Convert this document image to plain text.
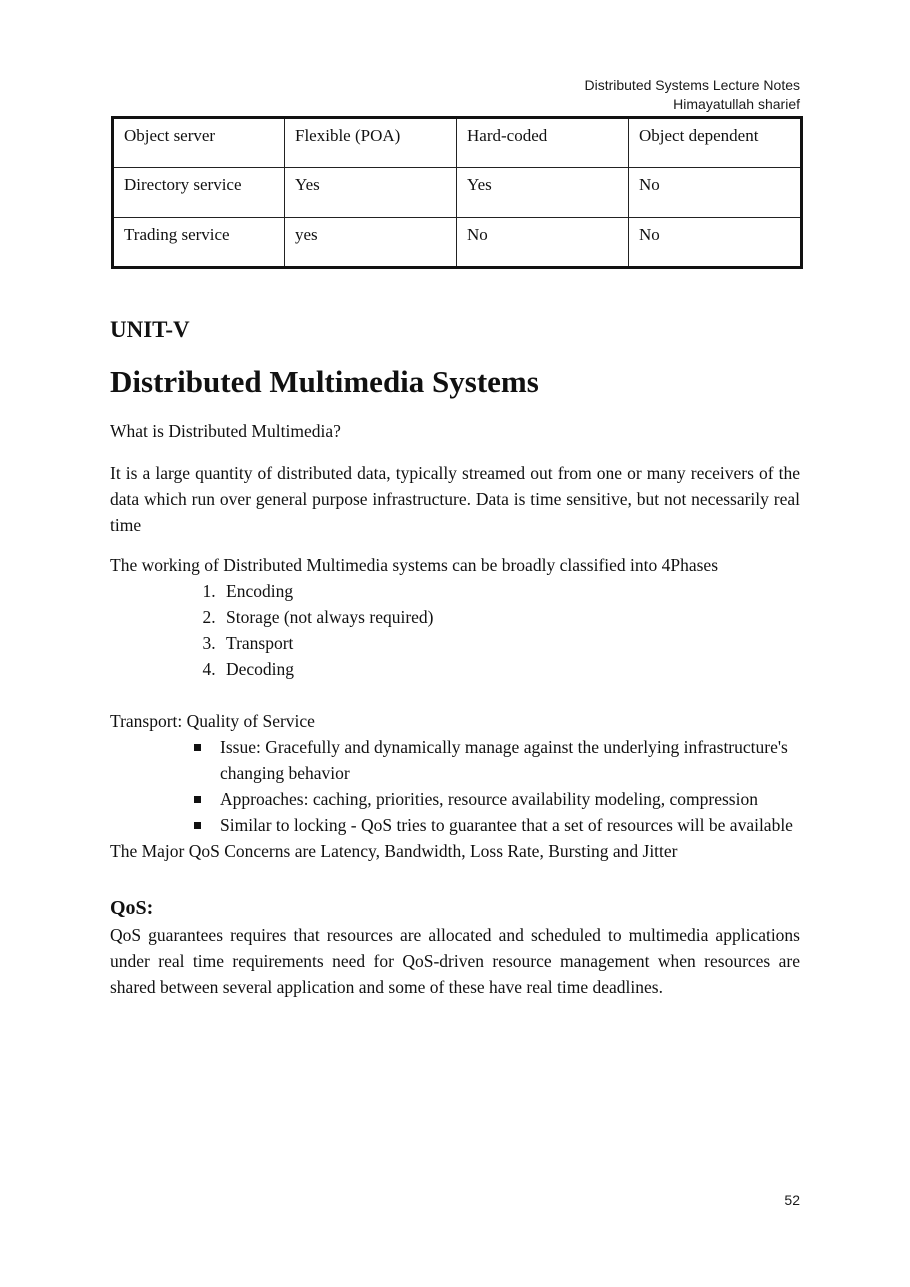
Distributed Systems Lecture Notes
Himayatullah sharief
Object server	Flexible (POA)	Hard-coded	Object dependent
Directory service	Yes	Yes	No
Trading service	yes	No	No
UNIT-V
Distributed Multimedia Systems

What is Distributed Multimedia?

It is a large quantity of distributed data, typically streamed out from one or many receivers of the data which run over general purpose infrastructure. Data is time sensitive, but not necessarily real time

The working of Distributed Multimedia systems can be broadly classified into 4Phases

1. Encoding
2. Storage (not always required)
3. Transport
4. Decoding

Transport: Quality of Service

Issue: Gracefully and dynamically manage against the underlying infrastructure's changing behavior
Approaches: caching, priorities, resource availability modeling, compression
Similar to locking - QoS tries to guarantee that a set of resources will be available

The Major QoS Concerns are Latency, Bandwidth, Loss Rate, Bursting and Jitter

QoS:

QoS guarantees requires that resources are allocated and scheduled to multimedia applications under real time requirements need for QoS-driven resource management when resources are shared between several application and some of these have real time deadlines.

52
